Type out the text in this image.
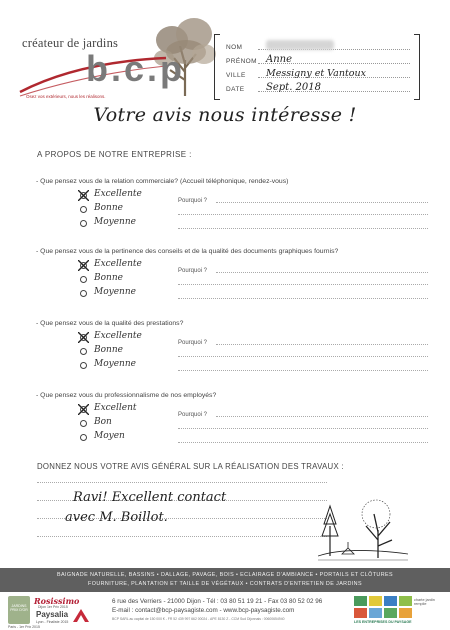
créateur de jardins
b.c.p
Osez vos extérieurs, nous les réalisons.
NOM
PRÉNOM Anne
VILLE Messigny et Vantoux
DATE Sept. 2018
Votre avis nous intéresse !
A PROPOS DE NOTRE ENTREPRISE :
- Que pensez vous de la relation commerciale? (Accueil téléphonique, rendez-vous)
Excellente
Bonne
Moyenne
Pourquoi ?
- Que pensez vous de la pertinence des conseils et de la qualité des documents graphiques fournis?
Excellente
Bonne
Moyenne
Pourquoi ?
- Que pensez vous de la qualité des prestations?
Excellente
Bonne
Moyenne
Pourquoi ?
- Que pensez vous du professionnalisme de nos employés?
Excellent
Bon
Moyen
Pourquoi ?
DONNEZ NOUS VOTRE AVIS GÉNÉRAL SUR LA RÉALISATION DES TRAVAUX :
Ravi! Excellent contact
avec M. Boillot.
BAIGNADE NATURELLE, BASSINS • DALLAGE, PAVAGE, BOIS • ECLAIRAGE D'AMBIANCE • PORTAILS ET CLÔTURES
FOURNITURE, PLANTATION ET TAILLE DE VÉGÉTAUX • CONTRATS D'ENTRETIEN DE JARDINS
JARDINS PRIX D'OR
Rosissimo
Dijon 1er Prix 2015
Paysalia
Lyon - Finaliste 2015
Paris - 1er Prix 2015
6 rue des Verriers - 21000 Dijon - Tél : 03 80 51 19 21 - Fax 03 80 52 02 96
E-mail : contact@bcp-paysagiste.com - www.bcp-paysagiste.com
BCP SARL au capital de 150 000 € - FR 52 439 997 662 00024 - APE 8130 Z - CCM Sud Dijonnais : 00600654940
charte jardin remplie
LES ENTREPRISES DU PAYSAGE
